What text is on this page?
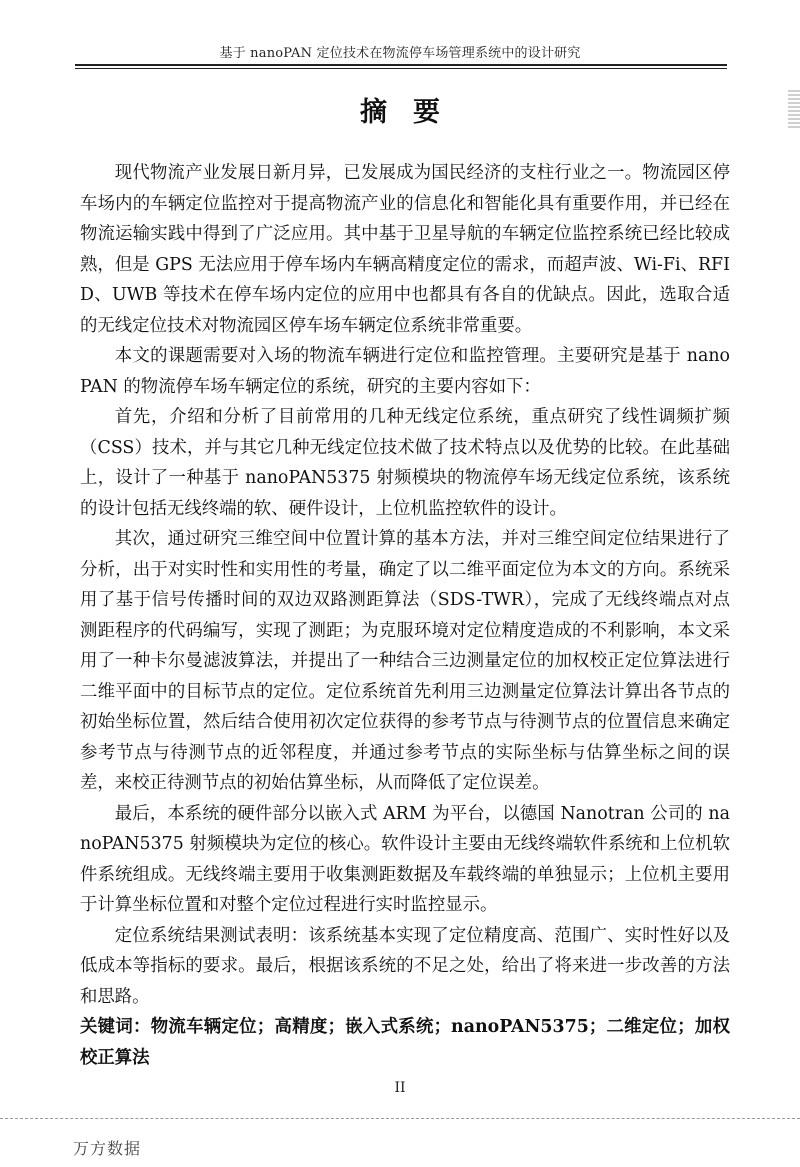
基于 nanoPAN 定位技术在物流停车场管理系统中的设计研究
摘要

现代物流产业发展日新月异，已发展成为国民经济的支柱行业之一。物流园区停车场内的车辆定位监控对于提高物流产业的信息化和智能化具有重要作用，并已经在物流运输实践中得到了广泛应用。其中基于卫星导航的车辆定位监控系统已经比较成熟，但是 GPS 无法应用于停车场内车辆高精度定位的需求，而超声波、Wi-Fi、RFID、UWB 等技术在停车场内定位的应用中也都具有各自的优缺点。因此，选取合适的无线定位技术对物流园区停车场车辆定位系统非常重要。

本文的课题需要对入场的物流车辆进行定位和监控管理。主要研究是基于 nanoPAN 的物流停车场车辆定位的系统，研究的主要内容如下：

首先，介绍和分析了目前常用的几种无线定位系统，重点研究了线性调频扩频（CSS）技术，并与其它几种无线定位技术做了技术特点以及优势的比较。在此基础上，设计了一种基于 nanoPAN5375 射频模块的物流停车场无线定位系统，该系统的设计包括无线终端的软、硬件设计，上位机监控软件的设计。

其次，通过研究三维空间中位置计算的基本方法，并对三维空间定位结果进行了分析，出于对实时性和实用性的考量，确定了以二维平面定位为本文的方向。系统采用了基于信号传播时间的双边双路测距算法（SDS-TWR），完成了无线终端点对点测距程序的代码编写，实现了测距；为克服环境对定位精度造成的不利影响，本文采用了一种卡尔曼滤波算法，并提出了一种结合三边测量定位的加权校正定位算法进行二维平面中的目标节点的定位。定位系统首先利用三边测量定位算法计算出各节点的初始坐标位置，然后结合使用初次定位获得的参考节点与待测节点的位置信息来确定参考节点与待测节点的近邻程度，并通过参考节点的实际坐标与估算坐标之间的误差，来校正待测节点的初始估算坐标，从而降低了定位误差。

最后，本系统的硬件部分以嵌入式 ARM 为平台，以德国 Nanotran 公司的 nanoPAN5375 射频模块为定位的核心。软件设计主要由无线终端软件系统和上位机软件系统组成。无线终端主要用于收集测距数据及车载终端的单独显示；上位机主要用于计算坐标位置和对整个定位过程进行实时监控显示。

定位系统结果测试表明：该系统基本实现了定位精度高、范围广、实时性好以及低成本等指标的要求。最后，根据该系统的不足之处，给出了将来进一步改善的方法和思路。

关键词：物流车辆定位；高精度；嵌入式系统；nanoPAN5375；二维定位；加权校正算法

II
万方数据
